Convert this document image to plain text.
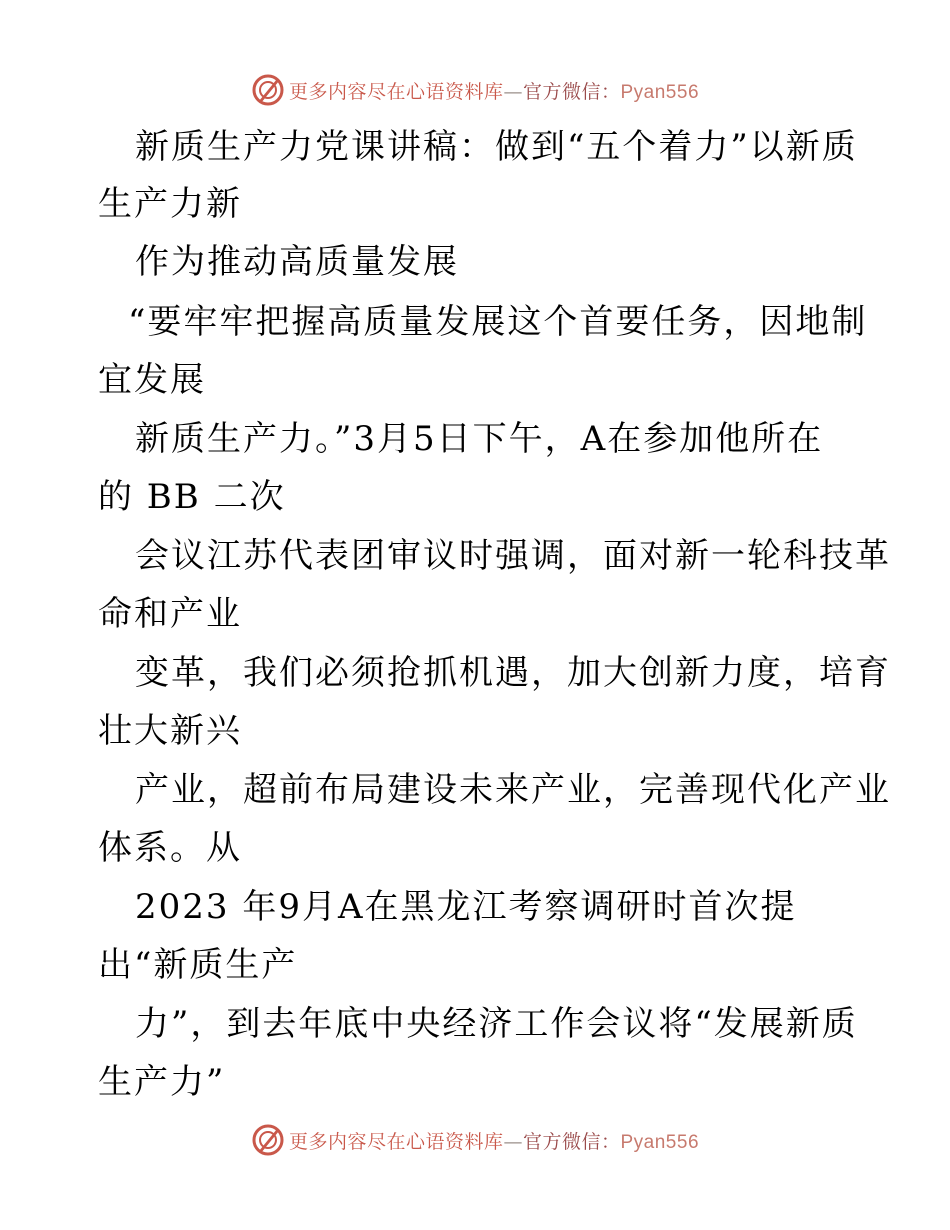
更多内容尽在心语资料库—官方微信：Pyan556
新质生产力党课讲稿：做到“五个着力”以新质
生产力新
作为推动高质量发展
“要牢牢把握高质量发展这个首要任务，因地制
宜发展
新质生产力。”3月5日下午，A在参加他所在
的 BB 二次
会议江苏代表团审议时强调，面对新一轮科技革
命和产业
变革，我们必须抢抓机遇，加大创新力度，培育
壮大新兴
产业，超前布局建设未来产业，完善现代化产业
体系。从
2023 年9月A在黑龙江考察调研时首次提
出“新质生产
力”，到去年底中央经济工作会议将“发展新质
生产力”
更多内容尽在心语资料库—官方微信：Pyan556
